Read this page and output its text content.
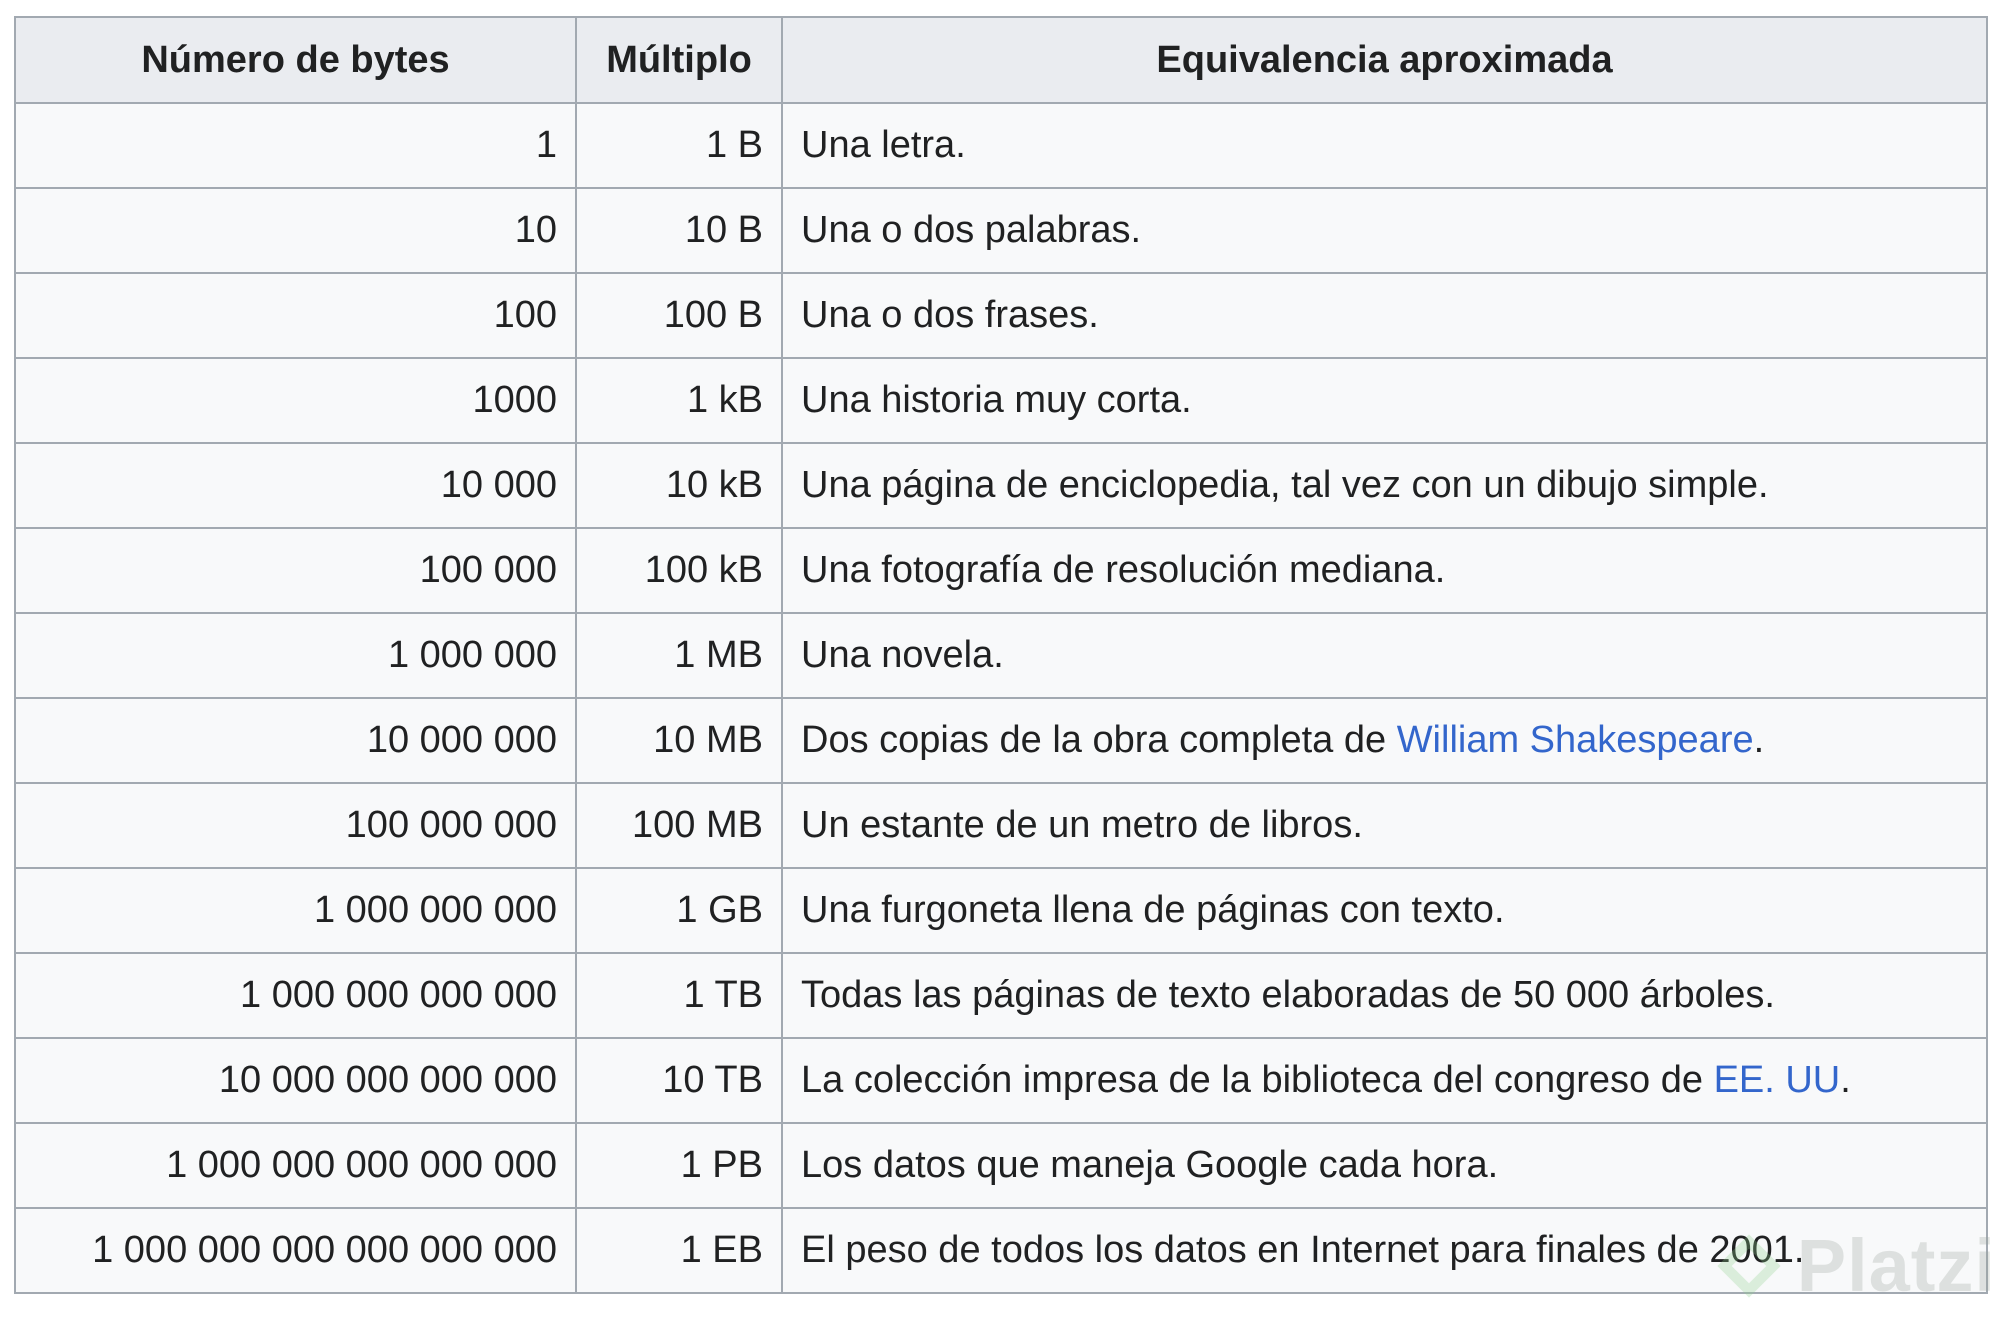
Número de bytes	Múltiplo	Equivalencia aproximada
1	1 B	Una letra.
10	10 B	Una o dos palabras.
100	100 B	Una o dos frases.
1000	1 kB	Una historia muy corta.
10 000	10 kB	Una página de enciclopedia, tal vez con un dibujo simple.
100 000	100 kB	Una fotografía de resolución mediana.
1 000 000	1 MB	Una novela.
10 000 000	10 MB	Dos copias de la obra completa de William Shakespeare.
100 000 000	100 MB	Un estante de un metro de libros.
1 000 000 000	1 GB	Una furgoneta llena de páginas con texto.
1 000 000 000 000	1 TB	Todas las páginas de texto elaboradas de 50 000 árboles.
10 000 000 000 000	10 TB	La colección impresa de la biblioteca del congreso de EE. UU.
1 000 000 000 000 000	1 PB	Los datos que maneja Google cada hora.
1 000 000 000 000 000 000	1 EB	El peso de todos los datos en Internet para finales de 2001.
Platzi
